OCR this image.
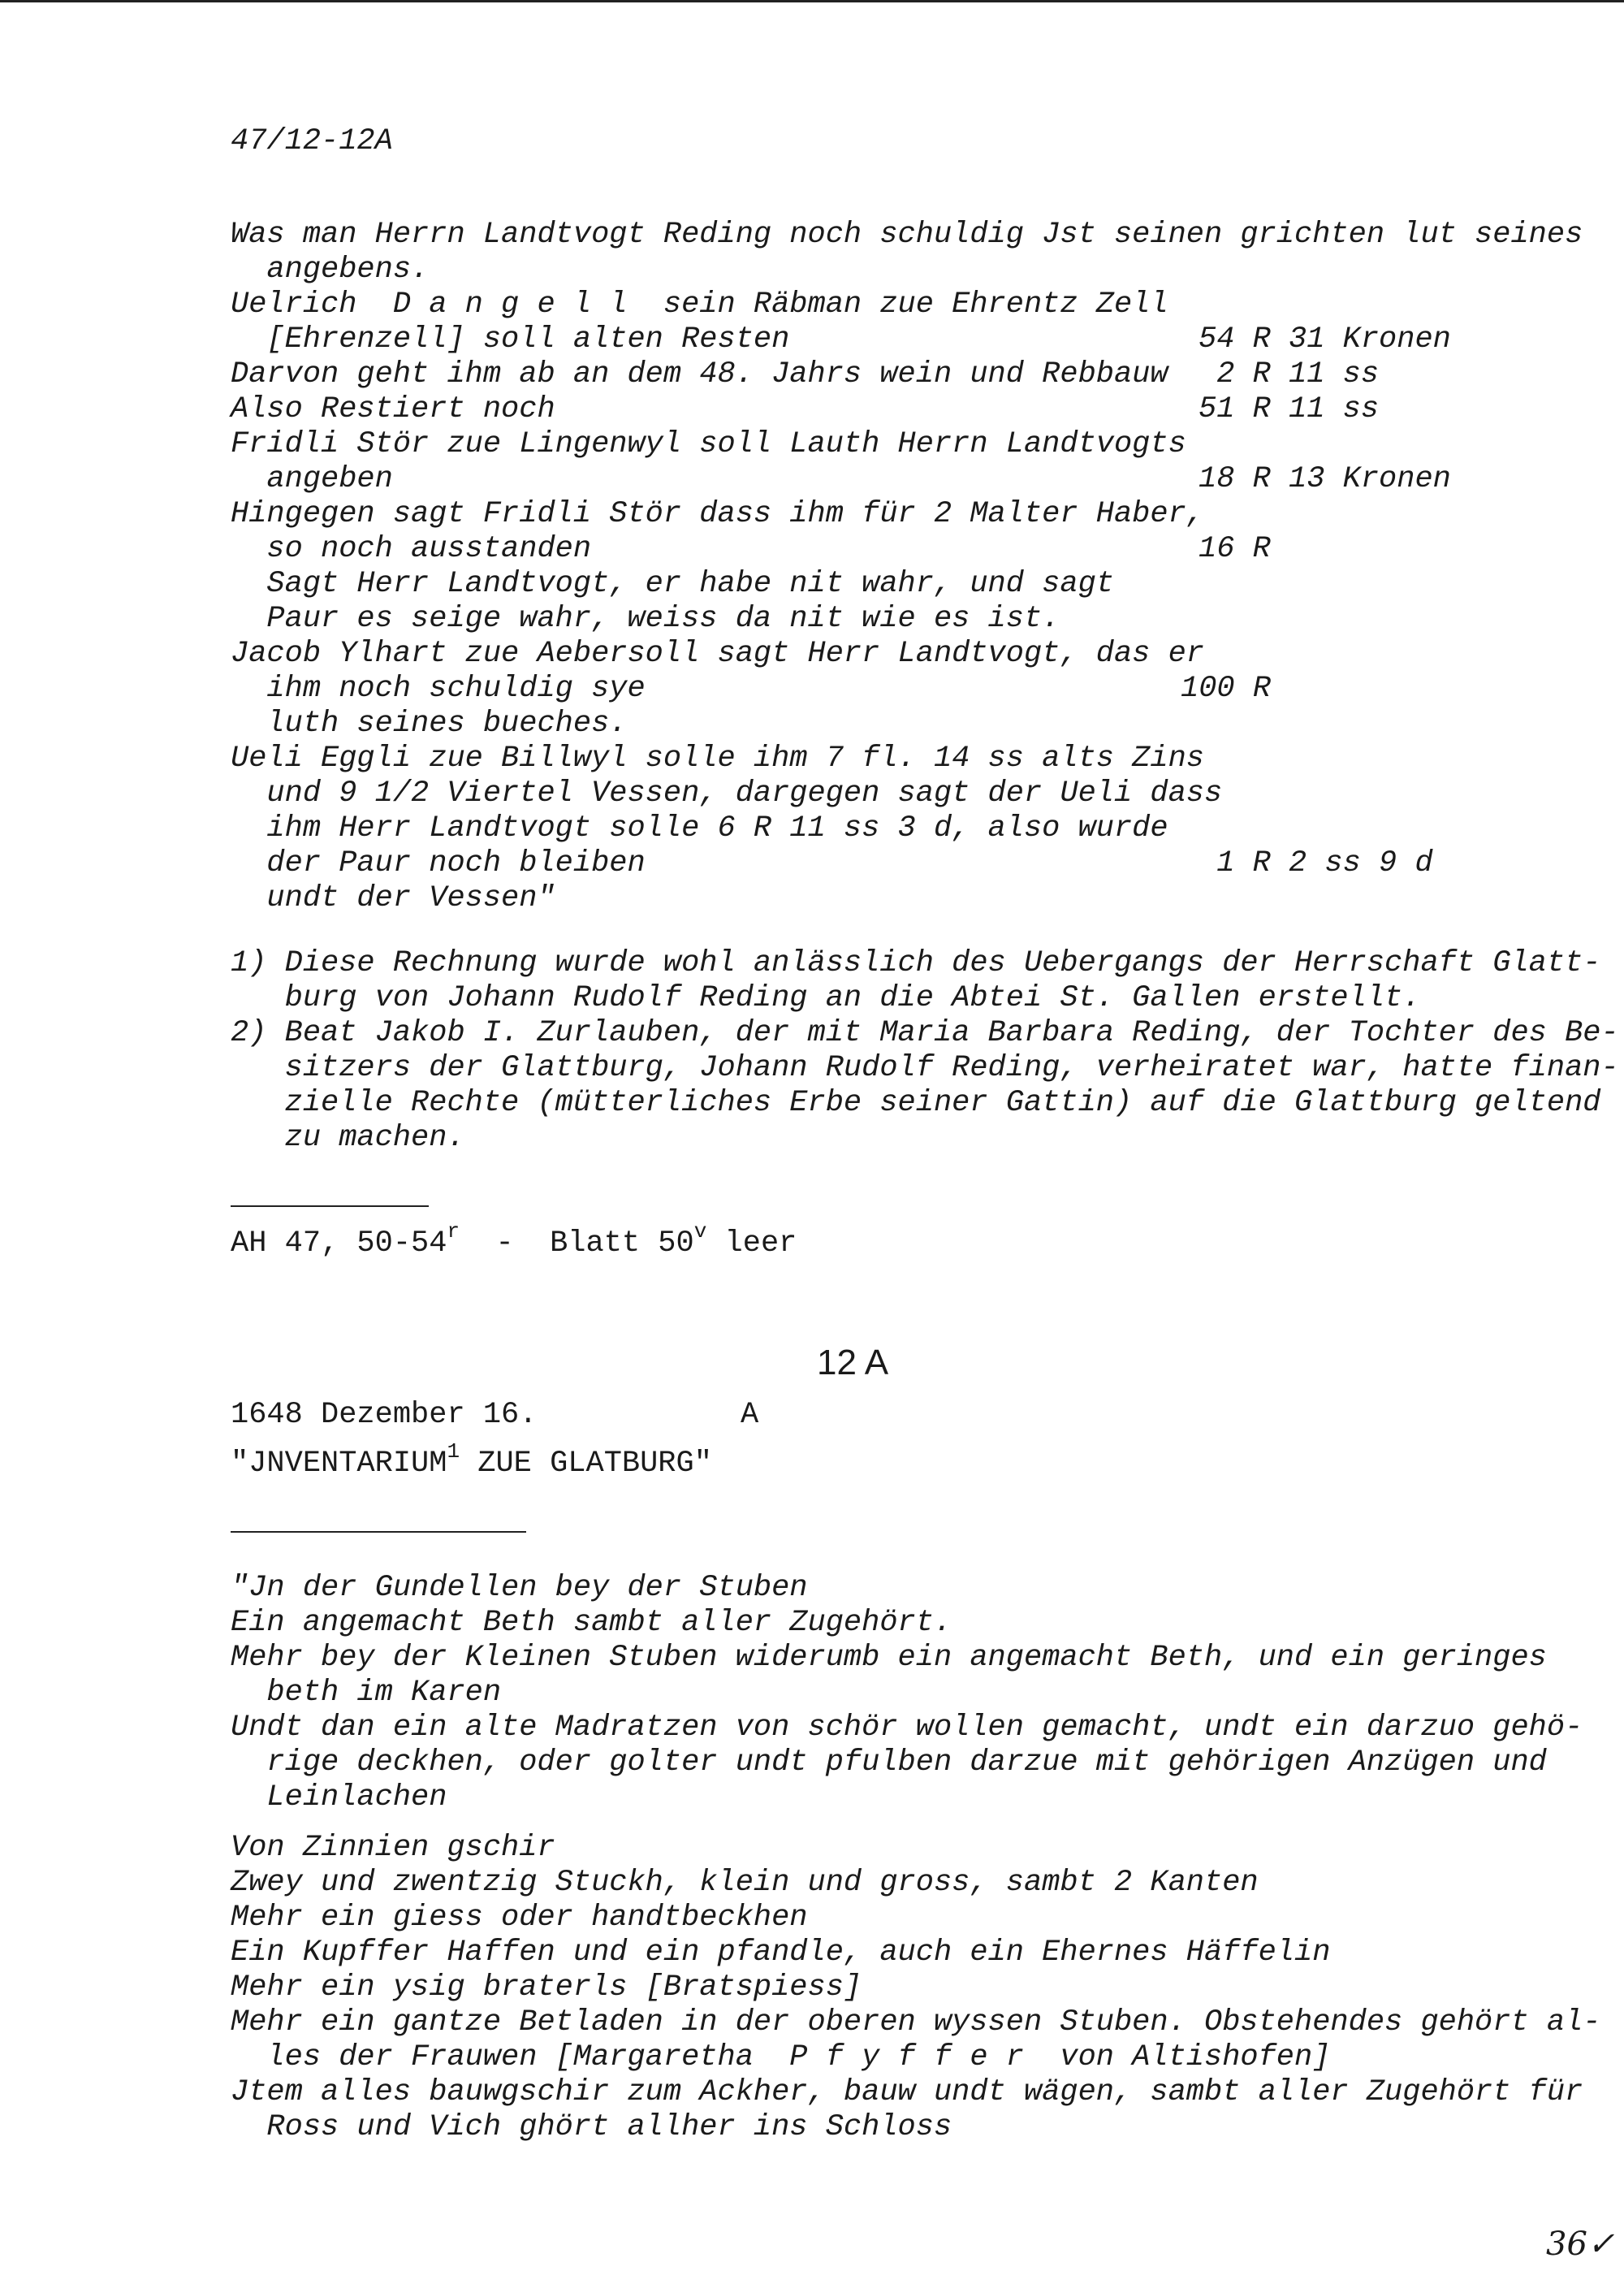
47/12-12A
Was man Herrn Landtvogt Reding noch schuldig Jst seinen grichten lut seines
angebens.
Uelrich  D a n g e l l  sein Räbman zue Ehrentz Zell
[Ehrenzell] soll alten Resten
Darvon geht ihm ab an dem 48. Jahrs wein und Rebbauw
Also Restiert noch
Fridli Stör zue Lingenwyl soll Lauth Herrn Landtvogts
angeben
Hingegen sagt Fridli Stör dass ihm für 2 Malter Haber,
so noch ausstanden
Sagt Herr Landtvogt, er habe nit wahr, und sagt
Paur es seige wahr, weiss da nit wie es ist.
Jacob Ylhart zue Aebersoll sagt Herr Landtvogt, das er
ihm noch schuldig sye
luth seines bueches.
Ueli Eggli zue Billwyl solle ihm 7 fl. 14 ss alts Zins
und 9 1/2 Viertel Vessen, dargegen sagt der Ueli dass
ihm Herr Landtvogt solle 6 R 11 ss 3 d, also wurde
der Paur noch bleiben
undt der Vessen"
54 R 31 Kronen
2 R 11 ss
51 R 11 ss
18 R 13 Kronen
16 R
100 R
1 R 2 ss 9 d
1) Diese Rechnung wurde wohl anlässlich des Uebergangs der Herrschaft Glatt-
burg von Johann Rudolf Reding an die Abtei St. Gallen erstellt.
2) Beat Jakob I. Zurlauben, der mit Maria Barbara Reding, der Tochter des Be-
sitzers der Glattburg, Johann Rudolf Reding, verheiratet war, hatte finan-
zielle Rechte (mütterliches Erbe seiner Gattin) auf die Glattburg geltend
zu machen.
AH 47, 50-54$^r$  -  Blatt 50$^v$ leer
12 A
1648 Dezember 16.	A
"JNVENTARIUM$^1$ ZUE GLATBURG"
"Jn der Gundellen bey der Stuben
Ein angemacht Beth sambt aller Zugehört.
Mehr bey der Kleinen Stuben widerumb ein angemacht Beth, und ein geringes
beth im Karen
Undt dan ein alte Madratzen von schör wollen gemacht, undt ein darzuo gehö-
rige deckhen, oder golter undt pfulben darzue mit gehörigen Anzügen und
Leinlachen
Von Zinnien gschir
Zwey und zwentzig Stuckh, klein und gross, sambt 2 Kanten
Mehr ein giess oder handtbeckhen
Ein Kupffer Haffen und ein pfandle, auch ein Ehernes Häffelin
Mehr ein ysig braterls [Bratspiess]
Mehr ein gantze Betladen in der oberen wyssen Stuben. Obstehendes gehört al-
les der Frauwen [Margaretha  P f y f f e r  von Altishofen]
Jtem alles bauwgschir zum Ackher, bauw undt wägen, sambt aller Zugehört für
Ross und Vich ghört allher ins Schloss
36✓
